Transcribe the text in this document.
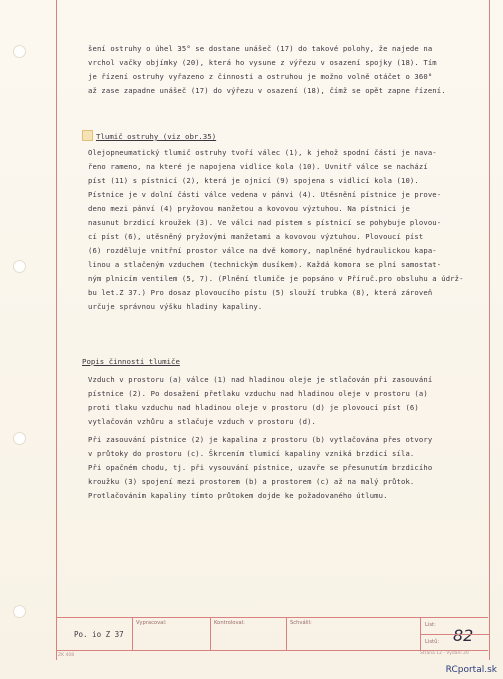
šení ostruhy o úhel 35° se dostane unášeč (17) do takové polohy, že najede na
vrchol vačky objímky (20), která ho vysune z výřezu v osazení spojky (18). Tím
je řízení ostruhy vyřazeno z činnosti a ostruhou je možno volně otáčet o 360°
až zase zapadne unášeč (17) do výřezu v osazení (18), čímž se opět zapne řízení.
Tlumič ostruhy (viz obr.35)
Olejopneumatický tlumič ostruhy tvoří válec (1), k jehož spodní části je nava-
řeno rameno, na které je napojena vidlice kola (10). Uvnitř válce se nachází
píst (11) s pístnicí (2), která je ojnicí (9) spojena s vidlicí kola (10).
Pístnice je v dolní části válce vedena v pánvi (4). Utěsnění pístnice je prove-
deno mezi pánví (4) pryžovou manžetou a kovovou výztuhou. Na pístnici je
nasunut brzdicí kroužek (3). Ve válci nad pístem s pístnicí se pohybuje plovou-
cí píst (6), utěsněný pryžovými manžetami a kovovou výztuhou. Plovoucí píst
(6) rozděluje vnitřní prostor válce na dvě komory, naplněné hydraulickou kapa-
linou a stlačeným vzduchem (technickým dusíkem). Každá komora se plní samostat-
ným plnicím ventilem (5, 7). (Plnění tlumiče je popsáno v Příruč.pro obsluhu a údrž-
bu let.Z 37.) Pro dosaz plovoucího pístu (5) slouží trubka (8), která zároveň
určuje správnou výšku hladiny kapaliny.
Popis činnosti tlumiče
Vzduch v prostoru (a) válce (1) nad hladinou oleje je stlačován při zasouvání
pístnice (2). Po dosažení přetlaku vzduchu nad hladinou oleje v prostoru (a)
proti tlaku vzduchu nad hladinou oleje v prostoru (d) je plovoucí píst (6)
vytlačován vzhůru a stlačuje vzduch v prostoru (d).
Při zasouvání pístnice (2) je kapalina z prostoru (b) vytlačována přes otvory
v průtoky do prostoru (c). Škrcením tlumicí kapaliny vzniká brzdicí síla.
Při opačném chodu, tj. při vysouvání pístnice, uzavře se přesunutím brzdicího
kroužku (3) spojení mezi prostorem (b) a prostorem (c) až na malý průtok.
Protlačováním kapaliny tímto průtokem dojde ke požadovaného útlumu.
Po. io Z 37
Vypracoval:	Kontroloval:	Schválil:	List:
Listů: 82
ZK 408	Strana 12 · Vydání 20
RCportal.sk
